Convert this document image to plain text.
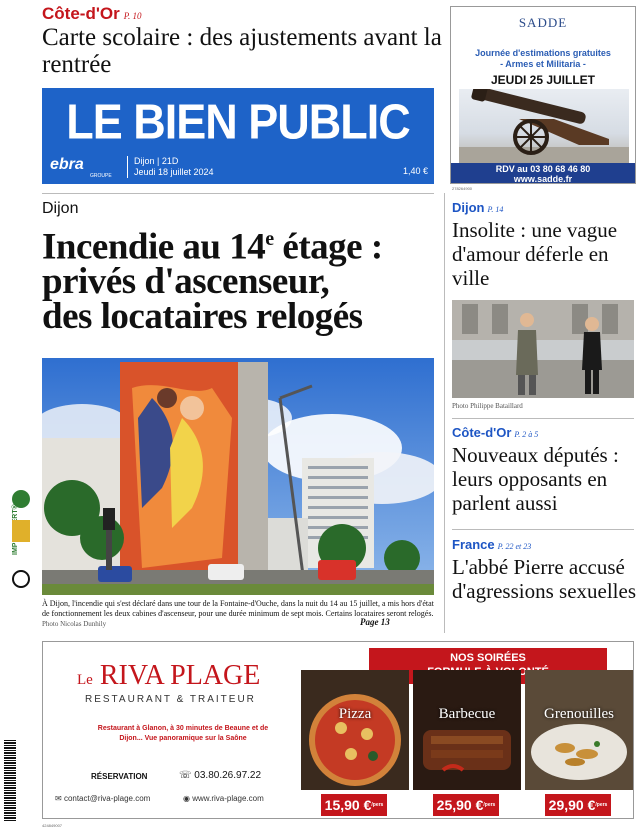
Côte-d'Or P. 10
Carte scolaire : des ajustements avant la rentrée
LE BIEN PUBLIC
ebra
GROUPE
Dijon | 21D
Jeudi 18 juillet 2024	1,40 €
SADDE
Journée d'estimations gratuites
- Armes et Militaria -
JEUDI 25 JUILLET
RDV au 03 80 68 46 80
www.sadde.fr
278264900
Dijon
Incendie au 14e étage :
privés d'ascenseur,
des locataires relogés
À Dijon, l'incendie qui s'est déclaré dans une tour de la Fontaine-d'Ouche, dans la nuit du 14 au 15 juillet, a mis hors d'état de fonctionnement les deux cabines d'ascenseur, pour une durée minimum de sept mois. Certains locataires seront relogés. Photo Nicolas Dunhily	Page 13
Dijon P. 14
Insolite : une vague d'amour déferle en ville
Photo Philippe Bataillard
Côte-d'Or P. 2 à 5
Nouveaux députés : leurs opposants en parlent aussi
France P. 22 et 23
L'abbé Pierre accusé d'agressions sexuelles
Le RIVA PLAGE
RESTAURANT & TRAITEUR
Restaurant à Glanon, à 30 minutes de Beaune et de Dijon... Vue panoramique sur la Saône
RÉSERVATION	☏ 03.80.26.97.22
✉ contact@riva-plage.com	◉ www.riva-plage.com
NOS SOIRÉES
VOLONTÉ
Pizza	Barbecue	Grenouilles
15,90 €$^{/pers}$	25,90 €$^{/pers}$	29,90 €$^{/pers}$
424849007
